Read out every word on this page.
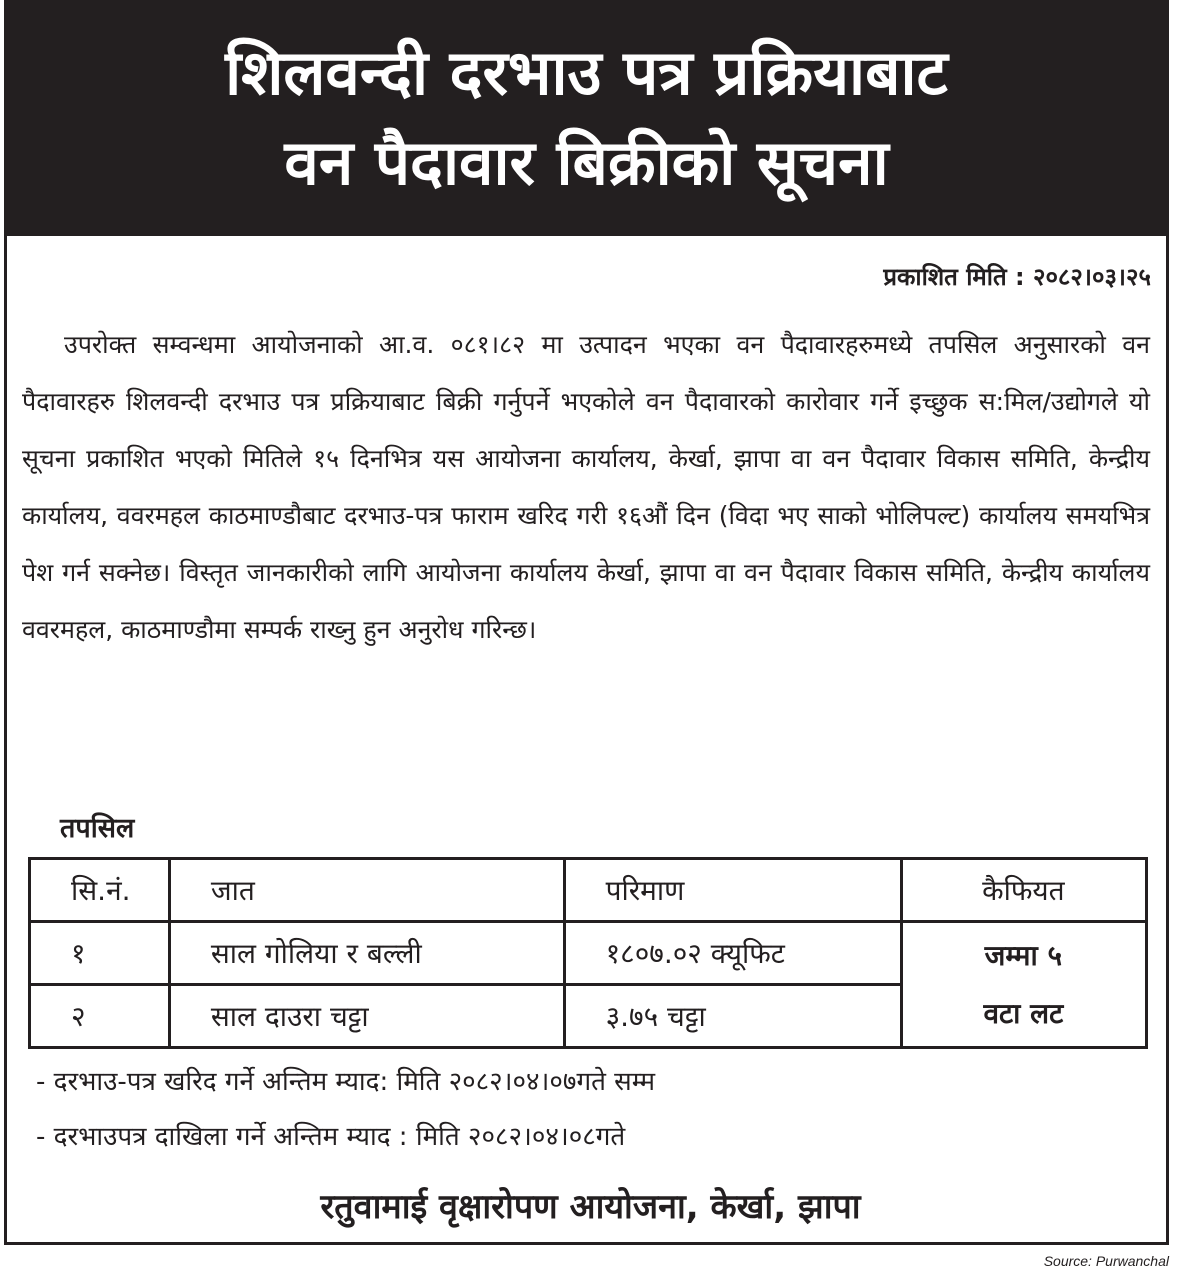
शिलवन्दी दरभाउ पत्र प्रक्रियाबाट
वन पैदावार बिक्रीको सूचना
प्रकाशित मिति : २०८२।०३।२५

उपरोक्त सम्वन्धमा आयोजनाको आ.व. ०८१।८२ मा उत्पादन भएका वन पैदावारहरुमध्ये तपसिल अनुसारको वन पैदावारहरु शिलवन्दी दरभाउ पत्र प्रक्रियाबाट बिक्री गर्नुपर्ने भएकोले वन पैदावारको कारोवार गर्ने इच्छुक स:मिल/उद्योगले यो सूचना प्रकाशित भएको मितिले १५ दिनभित्र यस आयोजना कार्यालय, केर्खा, झापा वा वन पैदावार विकास समिति, केन्द्रीय कार्यालय, ववरमहल काठमाण्डौबाट दरभाउ-पत्र फाराम खरिद गरी १६औं दिन (विदा भए साको भोलिपल्ट) कार्यालय समयभित्र पेश गर्न सक्नेछ। विस्तृत जानकारीको लागि आयोजना कार्यालय केर्खा, झापा वा वन पैदावार विकास समिति, केन्द्रीय कार्यालय ववरमहल, काठमाण्डौमा सम्पर्क राख्नु हुन अनुरोध गरिन्छ।

तपसिल
सि.नं.	जात	परिमाण	कैफियत
१	साल गोलिया र बल्ली	१८०७.०२ क्यूफिट	जम्मा ५
वटा लट

२	साल दाउरा चट्टा	३.७५ चट्टा	
- दरभाउ-पत्र खरिद गर्ने अन्तिम म्याद: मिति २०८२।०४।०७गते सम्म
- दरभाउपत्र दाखिला गर्ने अन्तिम म्याद : मिति २०८२।०४।०८गते
रतुवामाई वृक्षारोपण आयोजना, केर्खा, झापा
Source: Purwanchal
